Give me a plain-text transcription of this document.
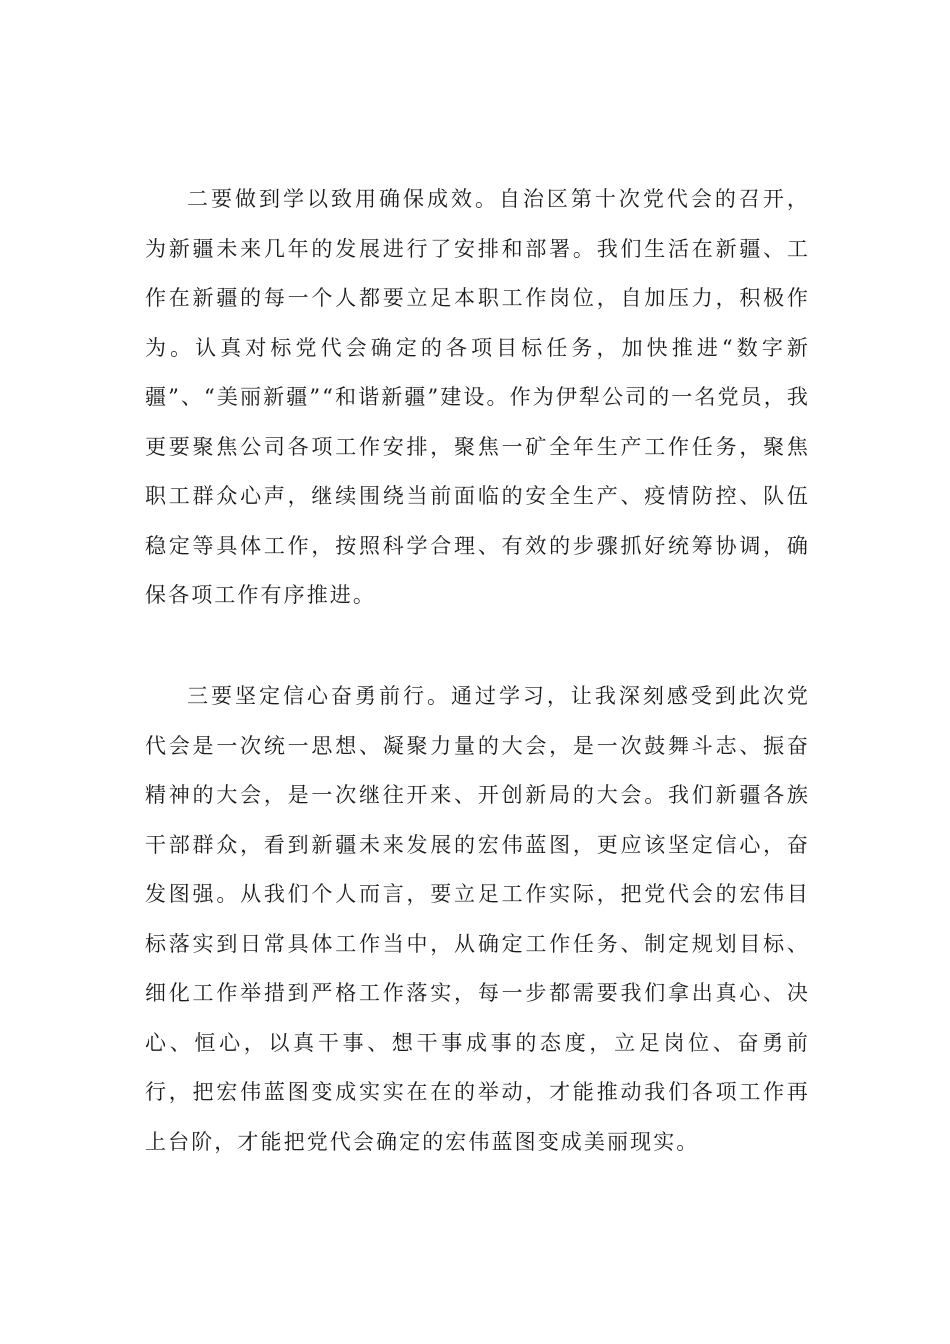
二要做到学以致用确保成效。自治区第十次党代会的召开，为新疆未来几年的发展进行了安排和部署。我们生活在新疆、工作在新疆的每一个人都要立足本职工作岗位，自加压力，积极作为。认真对标党代会确定的各项目标任务，加快推进“数字新疆”、“美丽新疆”“和谐新疆”建设。作为伊犁公司的一名党员，我更要聚焦公司各项工作安排，聚焦一矿全年生产工作任务，聚焦职工群众心声，继续围绕当前面临的安全生产、疫情防控、队伍稳定等具体工作，按照科学合理、有效的步骤抓好统筹协调，确保各项工作有序推进。

三要坚定信心奋勇前行。通过学习，让我深刻感受到此次党代会是一次统一思想、凝聚力量的大会，是一次鼓舞斗志、振奋精神的大会，是一次继往开来、开创新局的大会。我们新疆各族干部群众，看到新疆未来发展的宏伟蓝图，更应该坚定信心，奋发图强。从我们个人而言，要立足工作实际，把党代会的宏伟目标落实到日常具体工作当中，从确定工作任务、制定规划目标、细化工作举措到严格工作落实，每一步都需要我们拿出真心、决心、恒心，以真干事、想干事成事的态度，立足岗位、奋勇前行，把宏伟蓝图变成实实在在的举动，才能推动我们各项工作再上台阶，才能把党代会确定的宏伟蓝图变成美丽现实。
